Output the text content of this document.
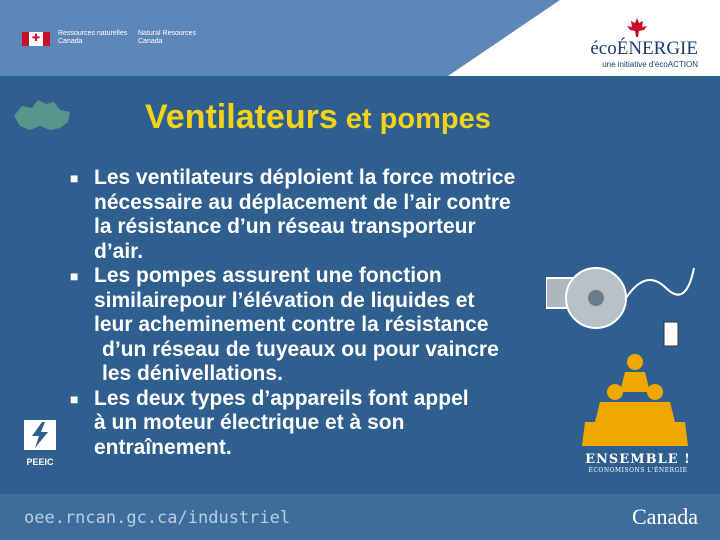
✚	Ressources naturelles
Canada
Natural Resources
Canada	écoÉNERGIE
une initiative d'écoACTION
Ventilateurs et pompes
■ Les ventilateurs déploient la force motrice
nécessaire au déplacement de l’air contre
la résistance d’un réseau transporteur
d’air.
■ Les pompes assurent une fonction
similairepour l’élévation de liquides et
leur acheminement contre la résistance
d’un réseau de tuyeaux ou pour vaincre
les dénivellations.
■ Les deux types d’appareils font appel
à un moteur électrique et à son
entraînement.
ENSEMBLE !
ÉCONOMISONS L'ÉNERGIE
PEEIC
oee.rncan.gc.ca/industriel	Canada
